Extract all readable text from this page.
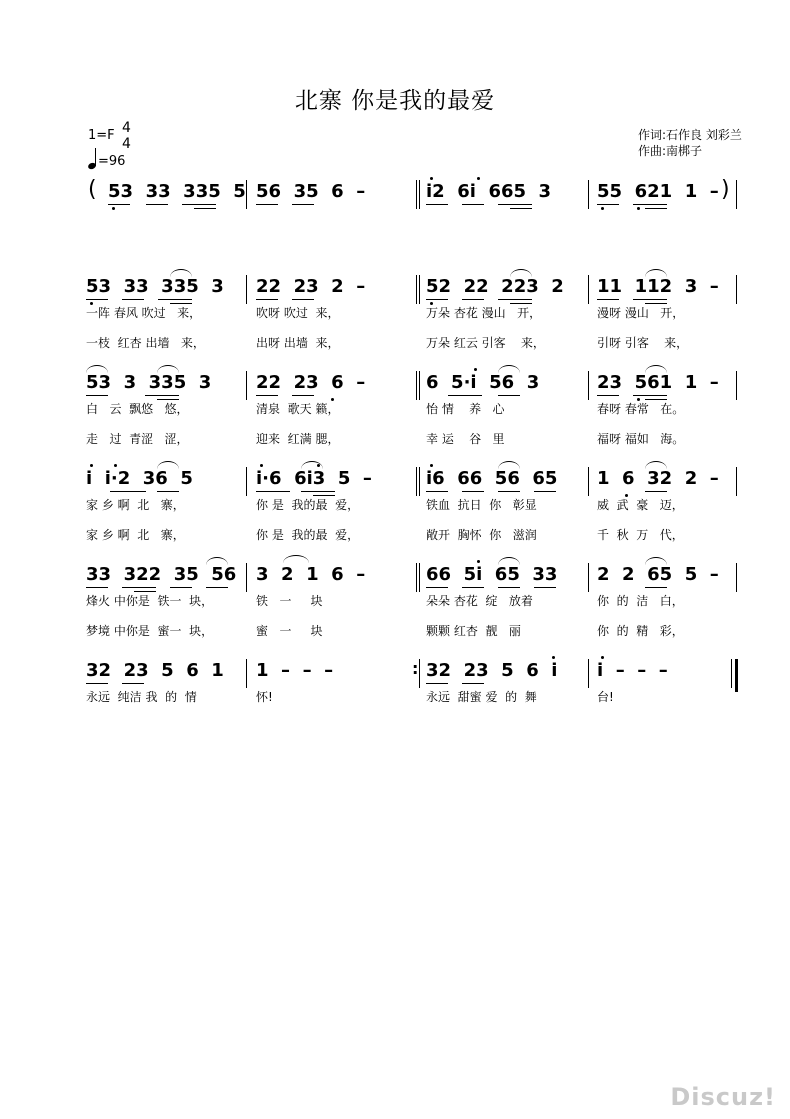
北寨 你是我的最爱
1=F 4
4
=96
作词:石作良 刘彩兰
作曲:南梆子
( 53  33  335  5 56  35  6  –	i2  6i  665  3	55  621  1  – )
53  33  335  3 22  23  2  –	52  22  223  2 11  112  3  –
一阵 春风 吹过   来，	吹呀 吹过  来，	万朵 杏花 漫山   开，	漫呀 漫山   开，
一枝  红杏 出墙   来，	出呀 出墙  来，	万朵 红云 引客    来，	引呀 引客    来，
53  3  335  3 22  23  6  –	6  5·i  56  3	23  561  1  –
白   云  飘悠   悠，	清泉  歌天 籁，	怡 情    养   心	春呀 春常   在。
走   过  青涩   涩，	迎来  红满 腮，	幸 运    谷   里	福呀 福如   海。
i  i·2  36  5	i·6  6i3  5  –	i6  66  56  65 1  6  32  2  –
家 乡 啊  北   寨，	你 是  我的最  爱，	铁血  抗日  你   彰显	威  武  豪   迈，
家 乡 啊  北   寨，	你 是  我的最  爱，	敞开  胸怀  你   滋润	千  秋  万   代，
33  322  35  56 3  2  1  6  –	66  5i  65  33 2  2  65  5  –
烽火 中你是  铁一  块，	铁   一     块	朵朵 杏花  绽   放着	你  的  洁   白，
梦境 中你是  蜜一  块，	蜜   一     块	颗颗 红杏  靓   丽	你  的  精   彩，
32  23  5  6  1 1  –  –  –	: 32  23  5  6  i i  –  –  –
永远  纯洁 我  的  情	怀!	永远  甜蜜 爱  的  舞	台!
Discuz!
